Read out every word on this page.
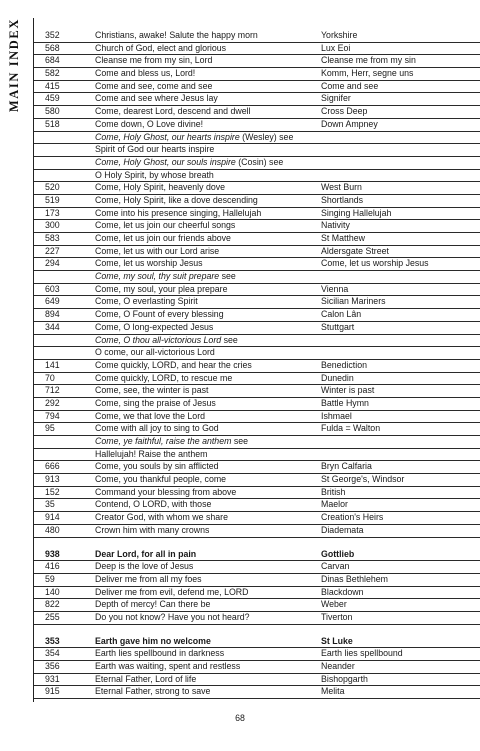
MAIN INDEX	352	Christians, awake! Salute the happy morn	Yorkshire
568	Church of God, elect and glorious	Lux Eoi
684	Cleanse me from my sin, Lord	Cleanse me from my sin
582	Come and bless us, Lord!	Komm, Herr, segne uns
415	Come and see, come and see	Come and see
459	Come and see where Jesus lay	Signifer
580	Come, dearest Lord, descend and dwell	Cross Deep
518	Come down, O Love divine!	Down Ampney
Come, Holy Ghost, our hearts inspire (Wesley) see
Spirit of God our hearts inspire
Come, Holy Ghost, our souls inspire (Cosin) see
O Holy Spirit, by whose breath
520	Come, Holy Spirit, heavenly dove	West Burn
519	Come, Holy Spirit, like a dove descending	Shortlands
173	Come into his presence singing, Hallelujah	Singing Hallelujah
300	Come, let us join our cheerful songs	Nativity
583	Come, let us join our friends above	St Matthew
227	Come, let us with our Lord arise	Aldersgate Street
294	Come, let us worship Jesus	Come, let us worship Jesus
Come, my soul, thy suit prepare see
603	Come, my soul, your plea prepare	Vienna
649	Come, O everlasting Spirit	Sicilian Mariners
894	Come, O Fount of every blessing	Calon Lân
344	Come, O long-expected Jesus	Stuttgart
Come, O thou all-victorious Lord see
O come, our all-victorious Lord
141	Come quickly, LORD, and hear the cries	Benediction
70	Come quickly, LORD, to rescue me	Dunedin
712	Come, see, the winter is past	Winter is past
292	Come, sing the praise of Jesus	Battle Hymn
794	Come, we that love the Lord	Ishmael
95	Come with all joy to sing to God	Fulda = Walton
Come, ye faithful, raise the anthem see
Hallelujah! Raise the anthem
666	Come, you souls by sin afflicted	Bryn Calfaria
913	Come, you thankful people, come	St George's, Windsor
152	Command your blessing from above	British
35	Contend, O LORD, with those	Maelor
914	Creator God, with whom we share	Creation's Heirs
480	Crown him with many crowns	Diademata
938	Dear Lord, for all in pain	Gottlieb
416	Deep is the love of Jesus	Carvan
59	Deliver me from all my foes	Dinas Bethlehem
140	Deliver me from evil, defend me, LORD	Blackdown
822	Depth of mercy! Can there be	Weber
255	Do you not know? Have you not heard?	Tiverton
353	Earth gave him no welcome	St Luke
354	Earth lies spellbound in darkness	Earth lies spellbound
356	Earth was waiting, spent and restless	Neander
931	Eternal Father, Lord of life	Bishopgarth
915	Eternal Father, strong to save	Melita
68
